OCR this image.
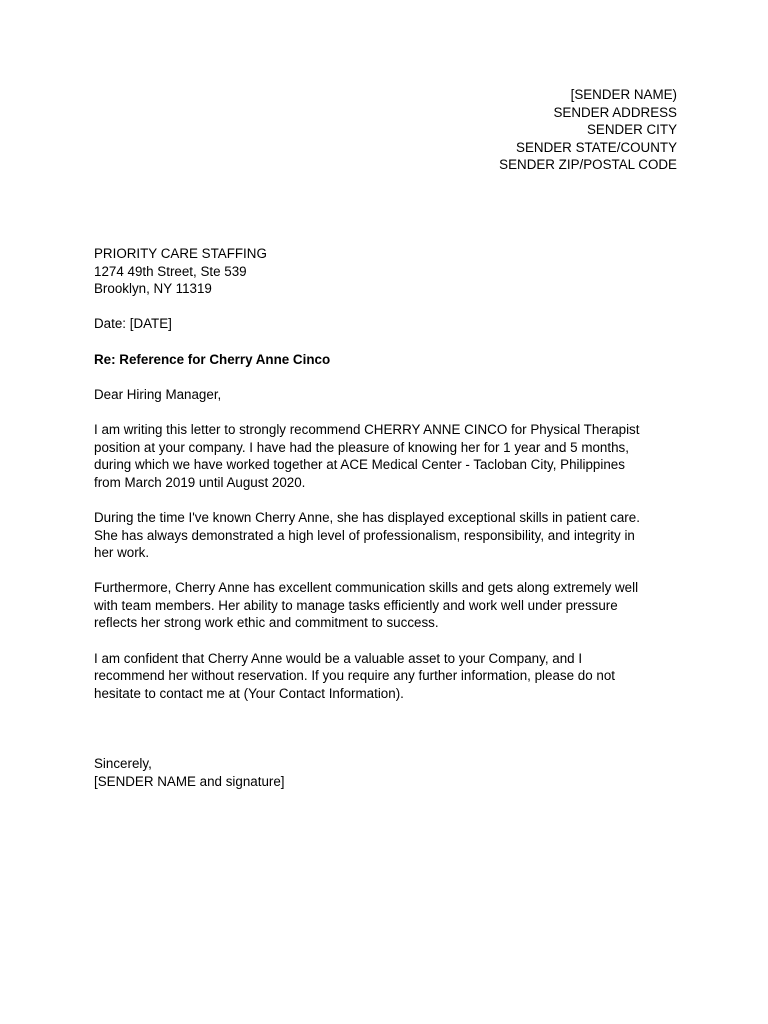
[SENDER NAME)
SENDER ADDRESS
SENDER CITY
SENDER STATE/COUNTY
SENDER ZIP/POSTAL CODE
PRIORITY CARE STAFFING
1274 49th Street, Ste 539
Brooklyn, NY 11319
Date: [DATE]
Re: Reference for Cherry Anne Cinco
Dear Hiring Manager,
I am writing this letter to strongly recommend CHERRY ANNE CINCO for Physical Therapist
position at your company. I have had the pleasure of knowing her for 1 year and 5 months,
during which we have worked together at ACE Medical Center - Tacloban City, Philippines
from March 2019 until August 2020.
During the time I've known Cherry Anne, she has displayed exceptional skills in patient care.
She has always demonstrated a high level of professionalism, responsibility, and integrity in
her work.
Furthermore, Cherry Anne has excellent communication skills and gets along extremely well
with team members. Her ability to manage tasks efficiently and work well under pressure
reflects her strong work ethic and commitment to success.
I am confident that Cherry Anne would be a valuable asset to your Company, and I
recommend her without reservation. If you require any further information, please do not
hesitate to contact me at (Your Contact Information).
Sincerely,
[SENDER NAME and signature]
